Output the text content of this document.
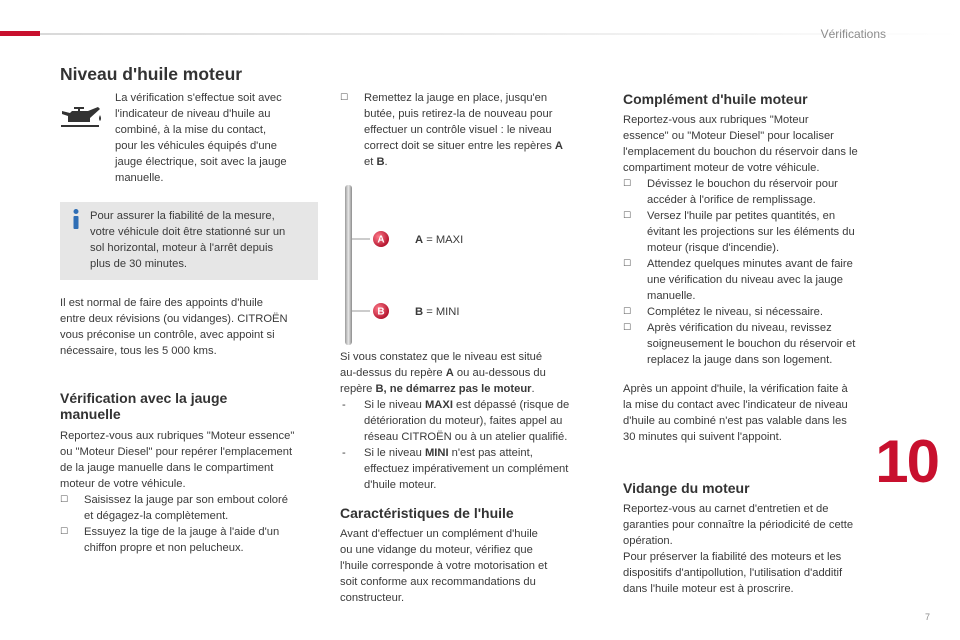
Vérifications
10
7
Niveau d'huile moteur

La vérification s'effectue soit avec

l'indicateur de niveau d'huile au

combiné, à la mise du contact,

pour les véhicules équipés d'une

jauge électrique, soit avec la jauge

manuelle.

Pour assurer la fiabilité de la mesure,

votre véhicule doit être stationné sur un

sol horizontal, moteur à l'arrêt depuis

plus de 30 minutes.

Il est normal de faire des appoints d'huile

entre deux révisions (ou vidanges). CITROËN

vous préconise un contrôle, avec appoint si

nécessaire, tous les 5 000 kms.

Vérification avec la jauge
manuelle

Reportez-vous aux rubriques "Moteur essence"

ou "Moteur Diesel" pour repérer l'emplacement

de la jauge manuelle dans le compartiment

moteur de votre véhicule.

☐ Saisissez la jauge par son embout coloré

et dégagez-la complètement.

☐ Essuyez la tige de la jauge à l'aide d'un

chiffon propre et non pelucheux.

☐ Remettez la jauge en place, jusqu'en

butée, puis retirez-la de nouveau pour

effectuer un contrôle visuel : le niveau

correct doit se situer entre les repères A

et B.

A
B
A = MAXI
B = MINI

Si vous constatez que le niveau est situé

au-dessus du repère A ou au-dessous du

repère B, ne démarrez pas le moteur.

- Si le niveau MAXI est dépassé (risque de

détérioration du moteur), faites appel au

réseau CITROËN ou à un atelier qualifié.

- Si le niveau MINI n'est pas atteint,

effectuez impérativement un complément

d'huile moteur.

Caractéristiques de l'huile

Avant d'effectuer un complément d'huile

ou une vidange du moteur, vérifiez que

l'huile corresponde à votre motorisation et

soit conforme aux recommandations du

constructeur.

Complément d'huile moteur

Reportez-vous aux rubriques "Moteur

essence" ou "Moteur Diesel" pour localiser

l'emplacement du bouchon du réservoir dans le

compartiment moteur de votre véhicule.

☐ Dévissez le bouchon du réservoir pour

accéder à l'orifice de remplissage.

☐ Versez l'huile par petites quantités, en

évitant les projections sur les éléments du

moteur (risque d'incendie).

☐ Attendez quelques minutes avant de faire

une vérification du niveau avec la jauge

manuelle.

☐ Complétez le niveau, si nécessaire.

☐ Après vérification du niveau, revissez

soigneusement le bouchon du réservoir et

replacez la jauge dans son logement.

Après un appoint d'huile, la vérification faite à

la mise du contact avec l'indicateur de niveau

d'huile au combiné n'est pas valable dans les

30 minutes qui suivent l'appoint.

Vidange du moteur

Reportez-vous au carnet d'entretien et de

garanties pour connaître la périodicité de cette

opération.

Pour préserver la fiabilité des moteurs et les

dispositifs d'antipollution, l'utilisation d'additif

dans l'huile moteur est à proscrire.
